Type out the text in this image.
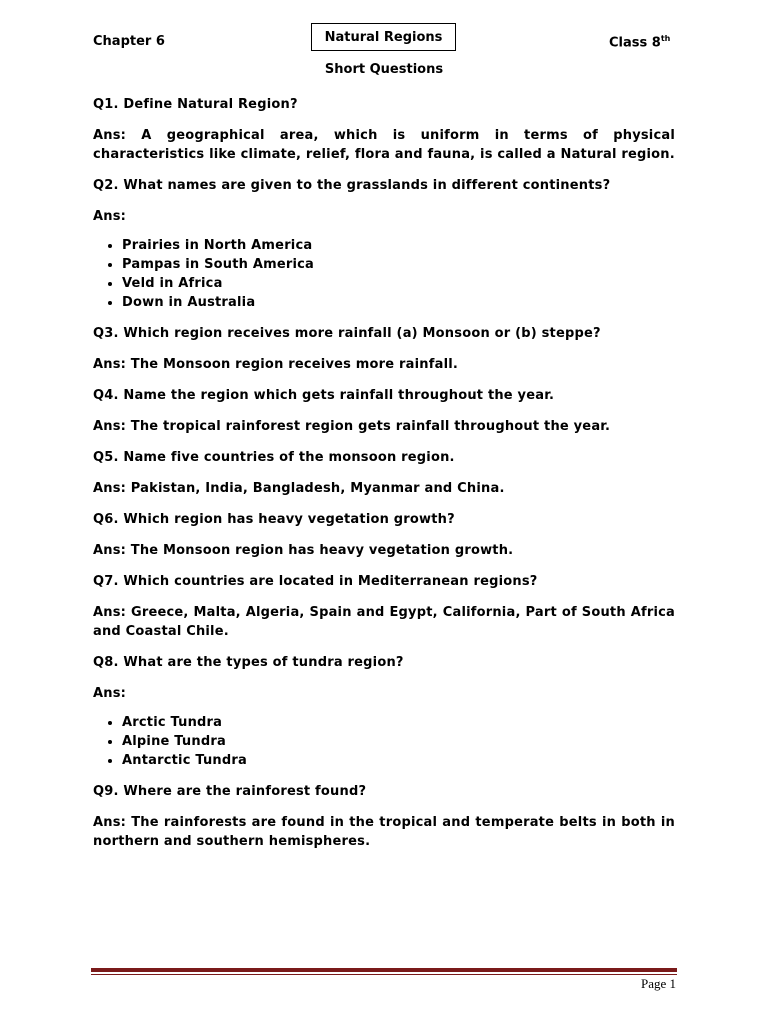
Chapter 6	Natural Regions	Class 8th
Short Questions

Q1. Define Natural Region?

Ans: A geographical area, which is uniform in terms of physical characteristics like climate, relief, flora and fauna, is called a Natural region.

Q2. What names are given to the grasslands in different continents?

Ans:

• Prairies in North America
• Pampas in South America
• Veld in Africa
• Down in Australia

Q3. Which region receives more rainfall (a) Monsoon or (b) steppe?

Ans: The Monsoon region receives more rainfall.

Q4. Name the region which gets rainfall throughout the year.

Ans: The tropical rainforest region gets rainfall throughout the year.

Q5. Name five countries of the monsoon region.

Ans: Pakistan, India, Bangladesh, Myanmar and China.

Q6. Which region has heavy vegetation growth?

Ans: The Monsoon region has heavy vegetation growth.

Q7. Which countries are located in Mediterranean regions?

Ans: Greece, Malta, Algeria, Spain and Egypt, California, Part of South Africa and Coastal Chile.

Q8. What are the types of tundra region?

Ans:

• Arctic Tundra
• Alpine Tundra
• Antarctic Tundra

Q9. Where are the rainforest found?

Ans: The rainforests are found in the tropical and temperate belts in both in northern and southern hemispheres.

Page 1
